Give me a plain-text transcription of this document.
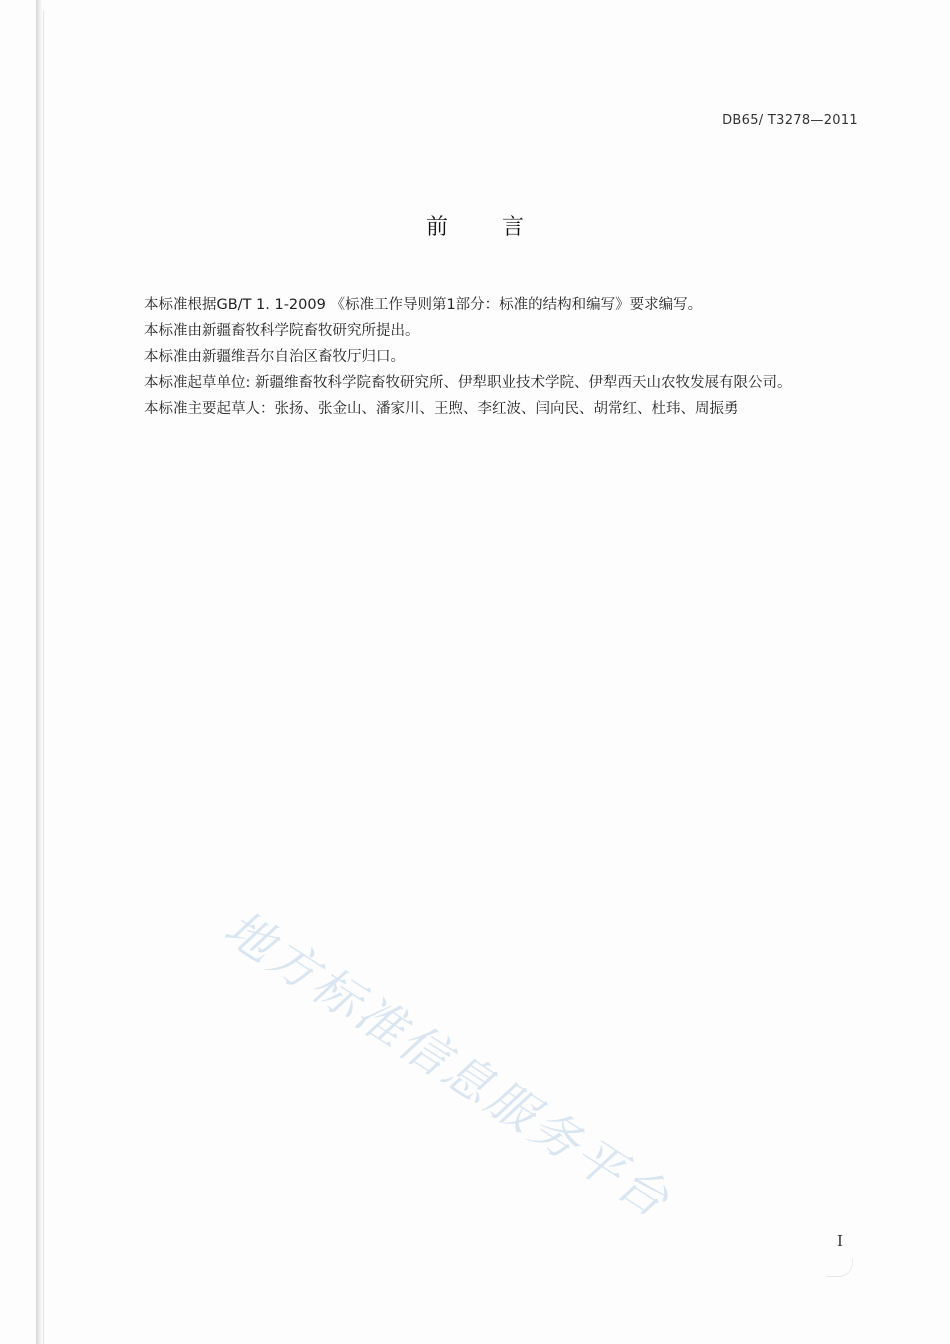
DB65/ T3278—2011
前 言

本标准根据GB/T 1. 1-2009 《标准工作导则第1部分：标准的结构和编写》要求编写。

本标准由新疆畜牧科学院畜牧研究所提出。

本标准由新疆维吾尔自治区畜牧厅归口。

本标准起草单位: 新疆维畜牧科学院畜牧研究所、伊犁职业技术学院、伊犁西天山农牧发展有限公司。

本标准主要起草人：张扬、张金山、潘家川、王煦、李红波、闫向民、胡常红、杜玮、周振勇

地方标准信息服务平台
I
